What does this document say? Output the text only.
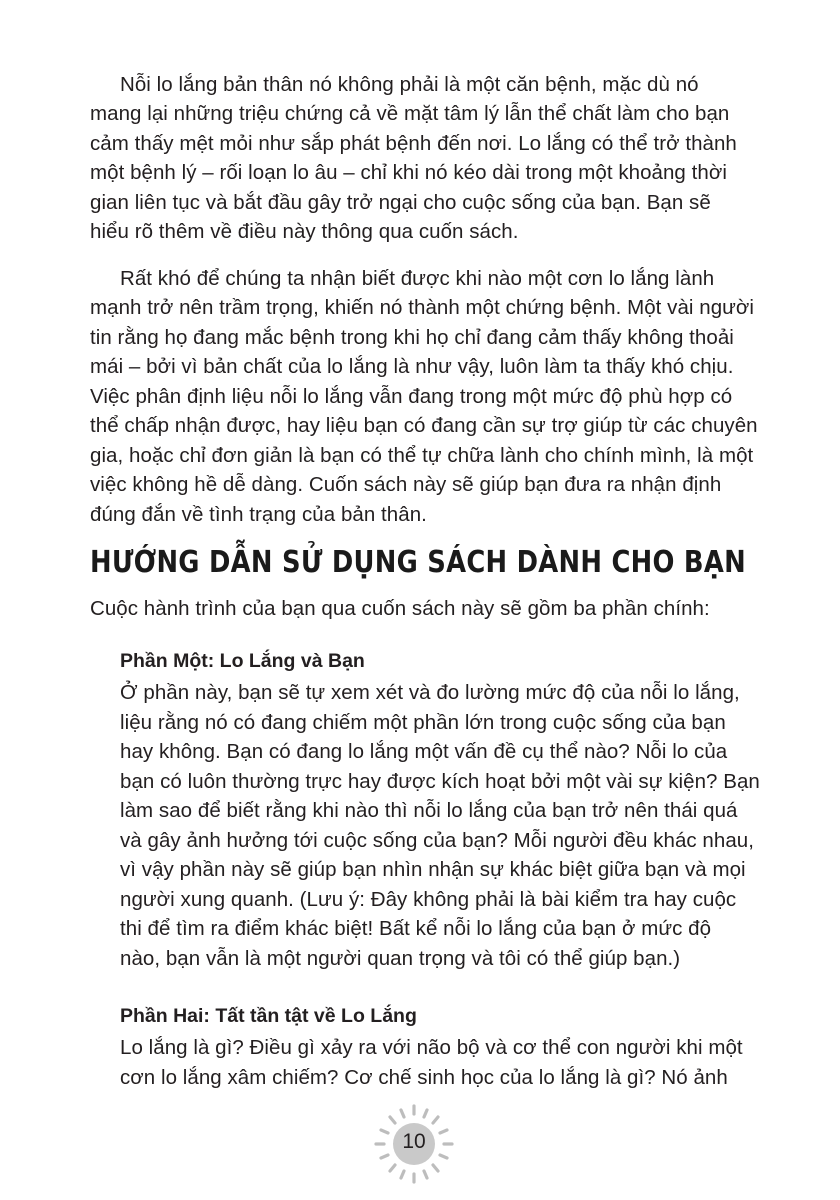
Nỗi lo lắng bản thân nó không phải là một căn bệnh, mặc dù nó
mang lại những triệu chứng cả về mặt tâm lý lẫn thể chất làm cho bạn
cảm thấy mệt mỏi như sắp phát bệnh đến nơi. Lo lắng có thể trở thành
một bệnh lý – rối loạn lo âu – chỉ khi nó kéo dài trong một khoảng thời
gian liên tục và bắt đầu gây trở ngại cho cuộc sống của bạn. Bạn sẽ
hiểu rõ thêm về điều này thông qua cuốn sách.
Rất khó để chúng ta nhận biết được khi nào một cơn lo lắng lành
mạnh trở nên trầm trọng, khiến nó thành một chứng bệnh. Một vài người
tin rằng họ đang mắc bệnh trong khi họ chỉ đang cảm thấy không thoải
mái – bởi vì bản chất của lo lắng là như vậy, luôn làm ta thấy khó chịu.
Việc phân định liệu nỗi lo lắng vẫn đang trong một mức độ phù hợp có
thể chấp nhận được, hay liệu bạn có đang cần sự trợ giúp từ các chuyên
gia, hoặc chỉ đơn giản là bạn có thể tự chữa lành cho chính mình, là một
việc không hề dễ dàng. Cuốn sách này sẽ giúp bạn đưa ra nhận định
đúng đắn về tình trạng của bản thân.
HƯỚNG DẪN SỬ DỤNG SÁCH DÀNH CHO BẠN
Cuộc hành trình của bạn qua cuốn sách này sẽ gồm ba phần chính:
Phần Một: Lo Lắng và Bạn
Ở phần này, bạn sẽ tự xem xét và đo lường mức độ của nỗi lo lắng,
liệu rằng nó có đang chiếm một phần lớn trong cuộc sống của bạn
hay không. Bạn có đang lo lắng một vấn đề cụ thể nào? Nỗi lo của
bạn có luôn thường trực hay được kích hoạt bởi một vài sự kiện? Bạn
làm sao để biết rằng khi nào thì nỗi lo lắng của bạn trở nên thái quá
và gây ảnh hưởng tới cuộc sống của bạn? Mỗi người đều khác nhau,
vì vậy phần này sẽ giúp bạn nhìn nhận sự khác biệt giữa bạn và mọi
người xung quanh. (Lưu ý: Đây không phải là bài kiểm tra hay cuộc
thi để tìm ra điểm khác biệt! Bất kể nỗi lo lắng của bạn ở mức độ
nào, bạn vẫn là một người quan trọng và tôi có thể giúp bạn.)
Phần Hai: Tất tần tật về Lo Lắng
Lo lắng là gì? Điều gì xảy ra với não bộ và cơ thể con người khi một
cơn lo lắng xâm chiếm? Cơ chế sinh học của lo lắng là gì? Nó ảnh
10
